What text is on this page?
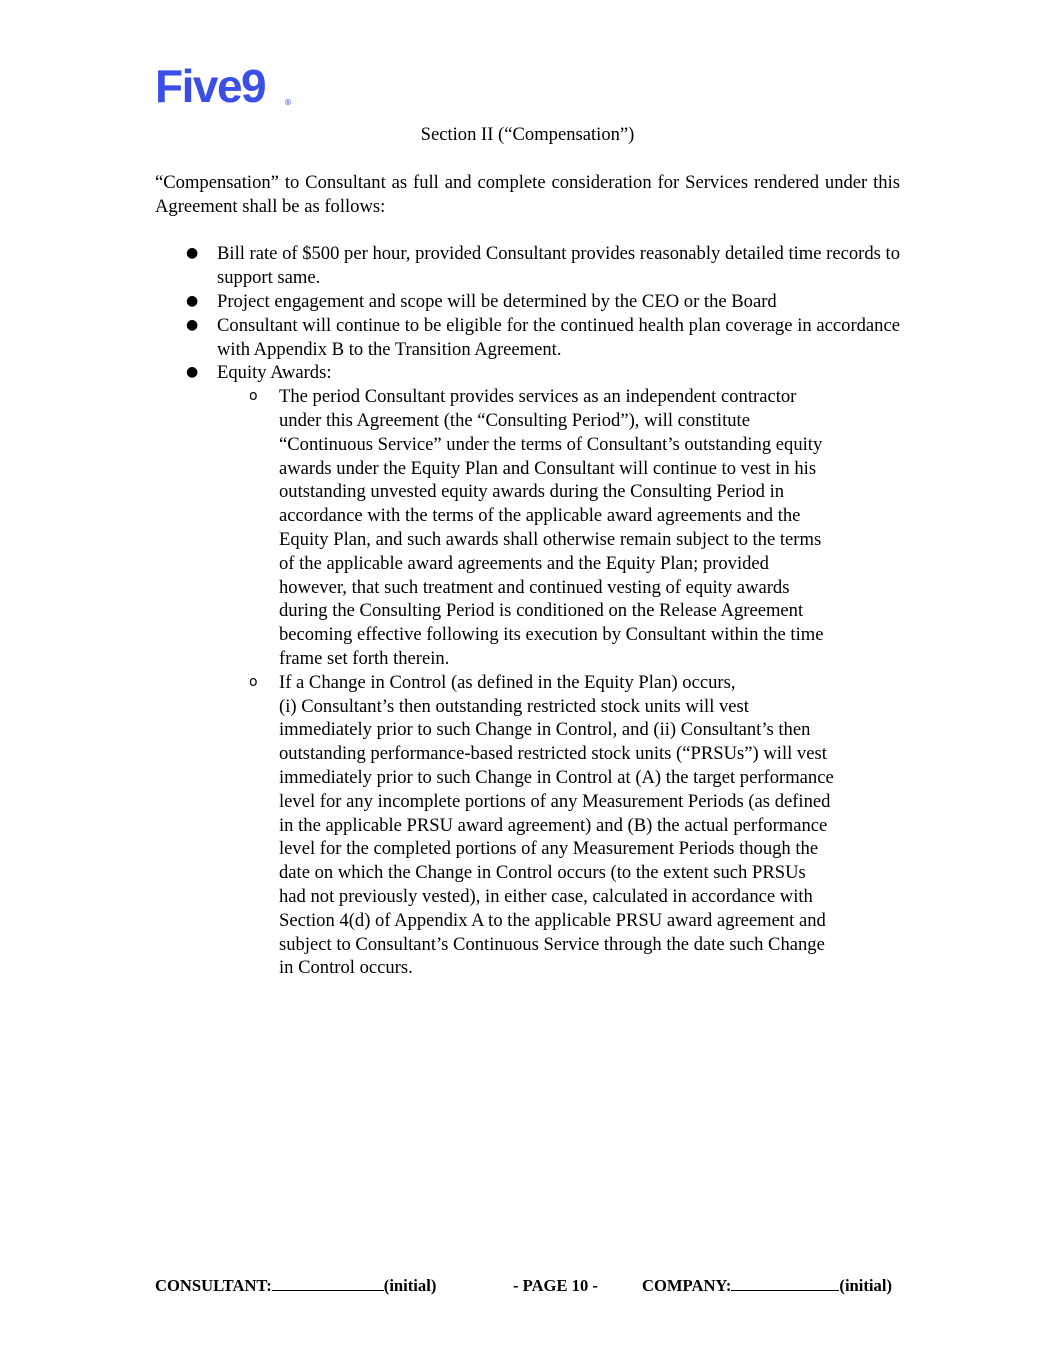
Five9	®

Section II (“Compensation”)

“Compensation” to Consultant as full and complete consideration for Services rendered under this Agreement shall be as follows:

● Bill rate of $500 per hour, provided Consultant provides reasonably detailed time records to support same.
● Project engagement and scope will be determined by the CEO or the Board
● Consultant will continue to be eligible for the continued health plan coverage in accordance with Appendix B to the Transition Agreement.
● Equity Awards:
o The period Consultant provides services as an independent contractor
under this Agreement (the “Consulting Period”), will constitute
“Continuous Service” under the terms of Consultant’s outstanding equity
awards under the Equity Plan and Consultant will continue to vest in his
outstanding unvested equity awards during the Consulting Period in
accordance with the terms of the applicable award agreements and the
Equity Plan, and such awards shall otherwise remain subject to the terms
of the applicable award agreements and the Equity Plan; provided
however, that such treatment and continued vesting of equity awards
during the Consulting Period is conditioned on the Release Agreement
becoming effective following its execution by Consultant within the time
frame set forth therein.
o If a Change in Control (as defined in the Equity Plan) occurs,
(i) Consultant’s then outstanding restricted stock units will vest
immediately prior to such Change in Control, and (ii) Consultant’s then
outstanding performance-based restricted stock units (“PRSUs”) will vest
immediately prior to such Change in Control at (A) the target performance
level for any incomplete portions of any Measurement Periods (as defined
in the applicable PRSU award agreement) and (B) the actual performance
level for the completed portions of any Measurement Periods though the
date on which the Change in Control occurs (to the extent such PRSUs
had not previously vested), in either case, calculated in accordance with
Section 4(d) of Appendix A to the applicable PRSU award agreement and
subject to Consultant’s Continuous Service through the date such Change
in Control occurs.
CONSULTANT:	(initial)	- PAGE 10 -	COMPANY:	(initial)
